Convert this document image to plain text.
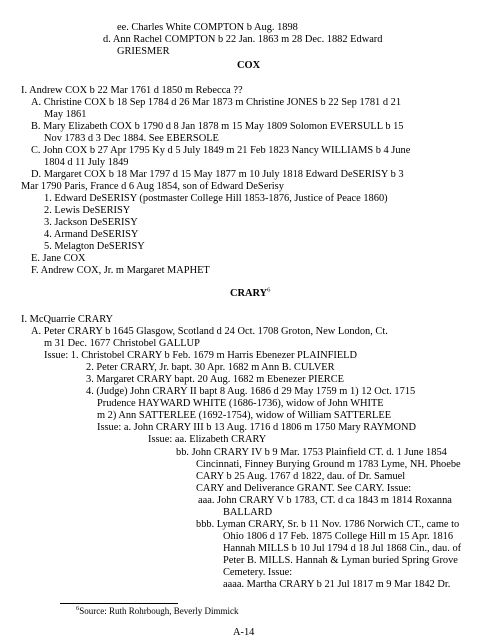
ee. Charles White COMPTON b Aug. 1898
d. Ann Rachel COMPTON b 22 Jan. 1863 m 28 Dec. 1882 Edward
GRIESMER
COX
I. Andrew COX b 22 Mar 1761 d 1850 m Rebecca ??
A. Christine COX b 18 Sep 1784 d 26 Mar 1873 m Christine JONES b 22 Sep 1781 d 21
May 1861
B. Mary Elizabeth COX b 1790 d 8 Jan 1878 m 15 May 1809 Solomon EVERSULL b 15
Nov 1783 d 3 Dec 1884. See EBERSOLE
C. John COX b 27 Apr 1795 Ky d 5 July 1849 m 21 Feb 1823 Nancy WILLIAMS b 4 June
1804 d 11 July 1849
D. Margaret COX b 18 Mar 1797 d 15 May 1877 m 10 July 1818 Edward DeSERISY b 3
Mar 1790 Paris, France d 6 Aug 1854, son of Edward DeSerisy
1. Edward DeSERISY (postmaster College Hill 1853-1876, Justice of Peace 1860)
2. Lewis DeSERISY
3. Jackson DeSERISY
4. Armand DeSERISY
5. Melagton DeSERISY
E. Jane COX
F. Andrew COX, Jr. m Margaret MAPHET
CRARY$^6$
I. McQuarrie CRARY
A. Peter CRARY b 1645 Glasgow, Scotland d 24 Oct. 1708 Groton, New London, Ct.
m 31 Dec. 1677 Christobel GALLUP
Issue: 1. Christobel CRARY b Feb. 1679 m Harris Ebenezer PLAINFIELD
2. Peter CRARY, Jr. bapt. 30 Apr. 1682 m Ann B. CULVER
3. Margaret CRARY bapt. 20 Aug. 1682 m Ebenezer PIERCE
4. (Judge) John CRARY II bapt 8 Aug. 1686 d 29 May 1759 m 1) 12 Oct. 1715
Prudence HAYWARD WHITE (1686-1736), widow of John WHITE
m 2) Ann SATTERLEE (1692-1754), widow of William SATTERLEE
Issue: a. John CRARY III b 13 Aug. 1716 d 1806 m 1750 Mary RAYMOND
Issue: aa. Elizabeth CRARY
bb. John CRARY IV b 9 Mar. 1753 Plainfield CT. d. 1 June 1854
Cincinnati, Finney Burying Ground m 1783 Lyme, NH. Phoebe
CARY b 25 Aug. 1767 d 1822, dau. of Dr. Samuel
CARY and Deliverance GRANT. See CARY. Issue:
aaa. John CRARY V b 1783, CT. d ca 1843 m 1814 Roxanna
BALLARD
bbb. Lyman CRARY, Sr. b 11 Nov. 1786 Norwich CT., came to
Ohio 1806 d 17 Feb. 1875 College Hill m 15 Apr. 1816
Hannah MILLS b 10 Jul 1794 d 18 Jul 1868 Cin., dau. of
Peter B. MILLS. Hannah & Lyman buried Spring Grove
Cemetery. Issue:
aaaa. Martha CRARY b 21 Jul 1817 m 9 Mar 1842 Dr.
$^6$Source: Ruth Rohrbough, Beverly Dimmick
A-14
